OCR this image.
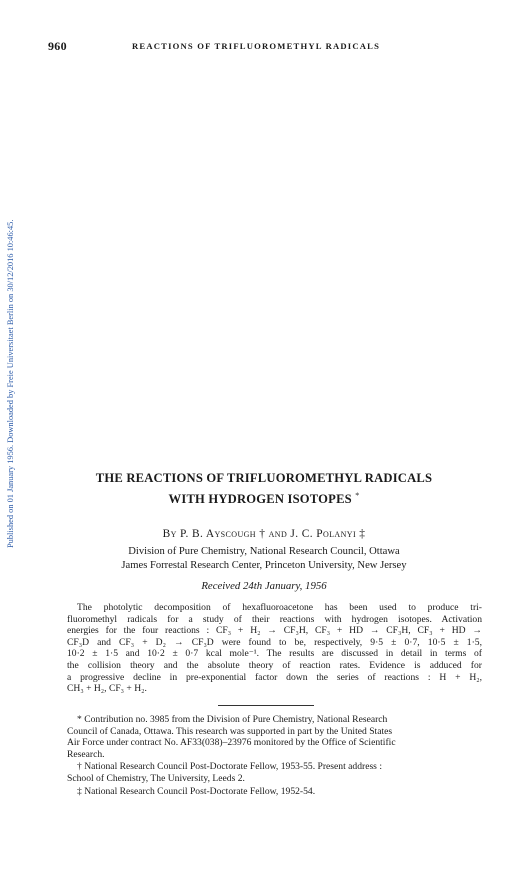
960	REACTIONS OF TRIFLUOROMETHYL RADICALS
Published on 01 January 1956. Downloaded by Freie Universitaet Berlin on 30/12/2016 10:46:45.	THE REACTIONS OF TRIFLUOROMETHYL RADICALS
WITH HYDROGEN ISOTOPES *
By P. B. Ayscough † and J. C. Polanyi ‡
Division of Pure Chemistry, National Research Council, Ottawa
James Forrestal Research Center, Princeton University, New Jersey
Received 24th January, 1956
The photolytic decomposition of hexafluoroacetone has been used to produce tri-
fluoromethyl radicals for a study of their reactions with hydrogen isotopes. Activation
energies for the four reactions : CF₃ + H₂ → CF₃H, CF₃ + HD → CF₃H, CF₃ + HD →
CF₃D and CF₃ + D₂ → CF₃D were found to be, respectively, 9·5 ± 0·7, 10·5 ± 1·5,
10·2 ± 1·5 and 10·2 ± 0·7 kcal mole⁻¹. The results are discussed in detail in terms of
the collision theory and the absolute theory of reaction rates. Evidence is adduced for
a progressive decline in pre-exponential factor down the series of reactions : H + H₂,
CH₃ + H₂, CF₃ + H₂.

* Contribution no. 3985 from the Division of Pure Chemistry, National Research
Council of Canada, Ottawa. This research was supported in part by the United States
Air Force under contract No. AF33(038)–23976 monitored by the Office of Scientific
Research.

† National Research Council Post-Doctorate Fellow, 1953-55. Present address :
School of Chemistry, The University, Leeds 2.

‡ National Research Council Post-Doctorate Fellow, 1952-54.
